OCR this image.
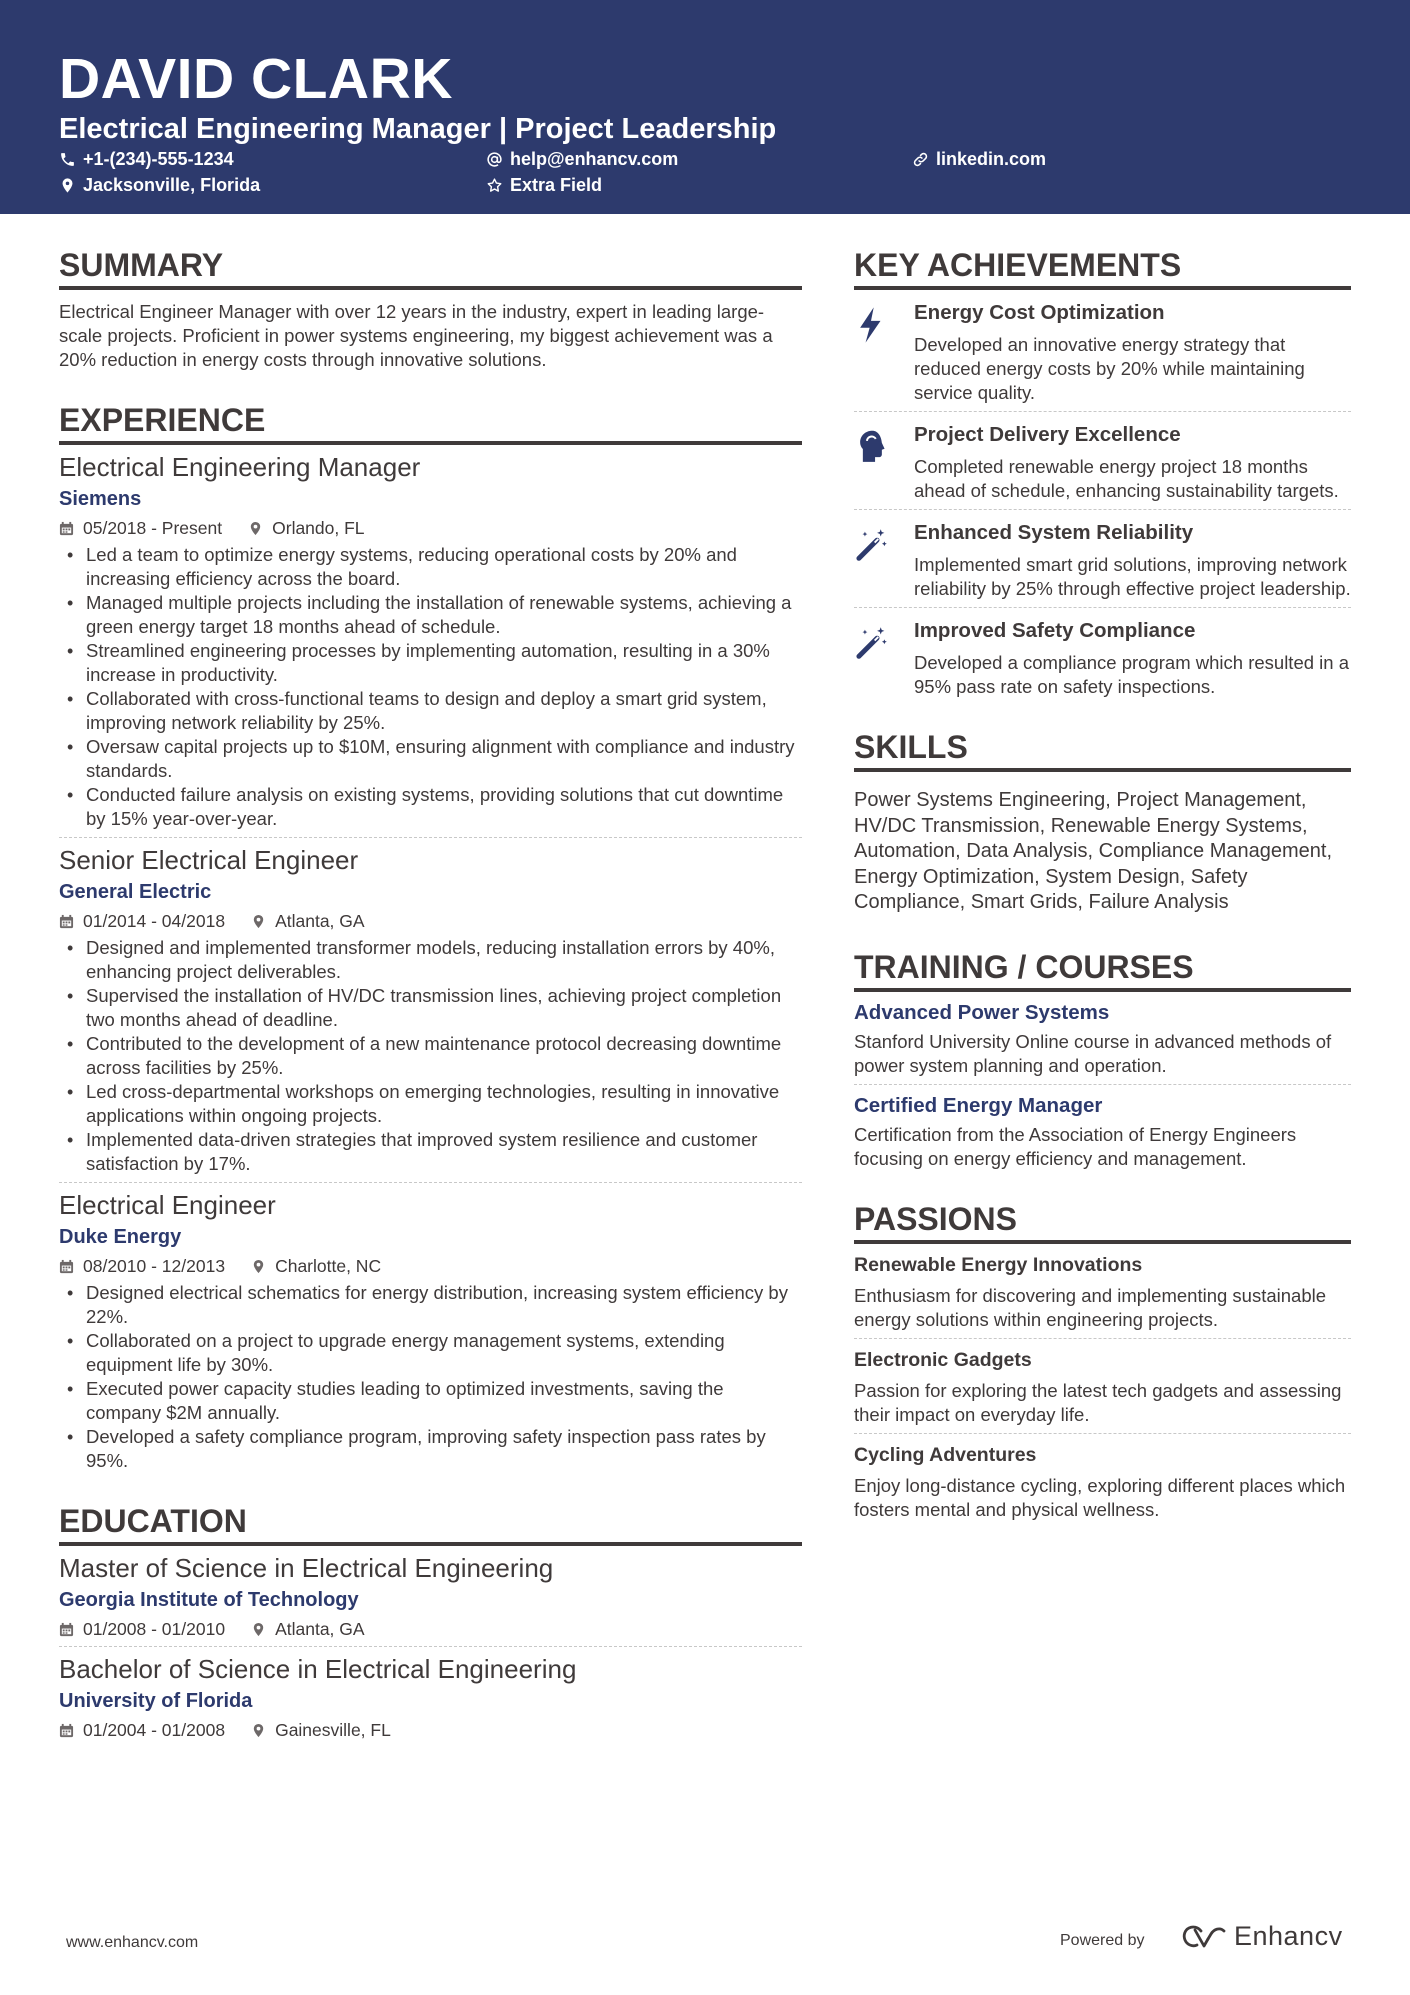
DAVID CLARK
Electrical Engineering Manager | Project Leadership
+1-(234)-555-1234	help@enhancv.com	linkedin.com
Jacksonville, Florida	Extra Field
SUMMARY
Electrical Engineer Manager with over 12 years in the industry, expert in leading large-scale projects. Proficient in power systems engineering, my biggest achievement was a 20% reduction in energy costs through innovative solutions.
EXPERIENCE
Electrical Engineering Manager
Siemens
05/2018 - Present	Orlando, FL
• Led a team to optimize energy systems, reducing operational costs by 20% and increasing efficiency across the board.
• Managed multiple projects including the installation of renewable systems, achieving a green energy target 18 months ahead of schedule.
• Streamlined engineering processes by implementing automation, resulting in a 30% increase in productivity.
• Collaborated with cross-functional teams to design and deploy a smart grid system, improving network reliability by 25%.
• Oversaw capital projects up to $10M, ensuring alignment with compliance and industry standards.
• Conducted failure analysis on existing systems, providing solutions that cut downtime by 15% year-over-year.
Senior Electrical Engineer
General Electric
01/2014 - 04/2018	Atlanta, GA
• Designed and implemented transformer models, reducing installation errors by 40%, enhancing project deliverables.
• Supervised the installation of HV/DC transmission lines, achieving project completion two months ahead of deadline.
• Contributed to the development of a new maintenance protocol decreasing downtime across facilities by 25%.
• Led cross-departmental workshops on emerging technologies, resulting in innovative applications within ongoing projects.
• Implemented data-driven strategies that improved system resilience and customer satisfaction by 17%.
Electrical Engineer
Duke Energy
08/2010 - 12/2013	Charlotte, NC
• Designed electrical schematics for energy distribution, increasing system efficiency by 22%.
• Collaborated on a project to upgrade energy management systems, extending equipment life by 30%.
• Executed power capacity studies leading to optimized investments, saving the company $2M annually.
• Developed a safety compliance program, improving safety inspection pass rates by 95%.
EDUCATION
Master of Science in Electrical Engineering
Georgia Institute of Technology
01/2008 - 01/2010	Atlanta, GA
Bachelor of Science in Electrical Engineering
University of Florida
01/2004 - 01/2008	Gainesville, FL
KEY ACHIEVEMENTS
Energy Cost Optimization
Developed an innovative energy strategy that reduced energy costs by 20% while maintaining service quality.
Project Delivery Excellence
Completed renewable energy project 18 months ahead of schedule, enhancing sustainability targets.
Enhanced System Reliability
Implemented smart grid solutions, improving network reliability by 25% through effective project leadership.
Improved Safety Compliance
Developed a compliance program which resulted in a 95% pass rate on safety inspections.
SKILLS
Power Systems Engineering, Project Management, HV/DC Transmission, Renewable Energy Systems, Automation, Data Analysis, Compliance Management, Energy Optimization, System Design, Safety Compliance, Smart Grids, Failure Analysis
TRAINING / COURSES
Advanced Power Systems
Stanford University Online course in advanced methods of power system planning and operation.
Certified Energy Manager
Certification from the Association of Energy Engineers focusing on energy efficiency and management.
PASSIONS
Renewable Energy Innovations
Enthusiasm for discovering and implementing sustainable energy solutions within engineering projects.
Electronic Gadgets
Passion for exploring the latest tech gadgets and assessing their impact on everyday life.
Cycling Adventures
Enjoy long-distance cycling, exploring different places which fosters mental and physical wellness.
www.enhancv.com	Powered by	Enhancv
